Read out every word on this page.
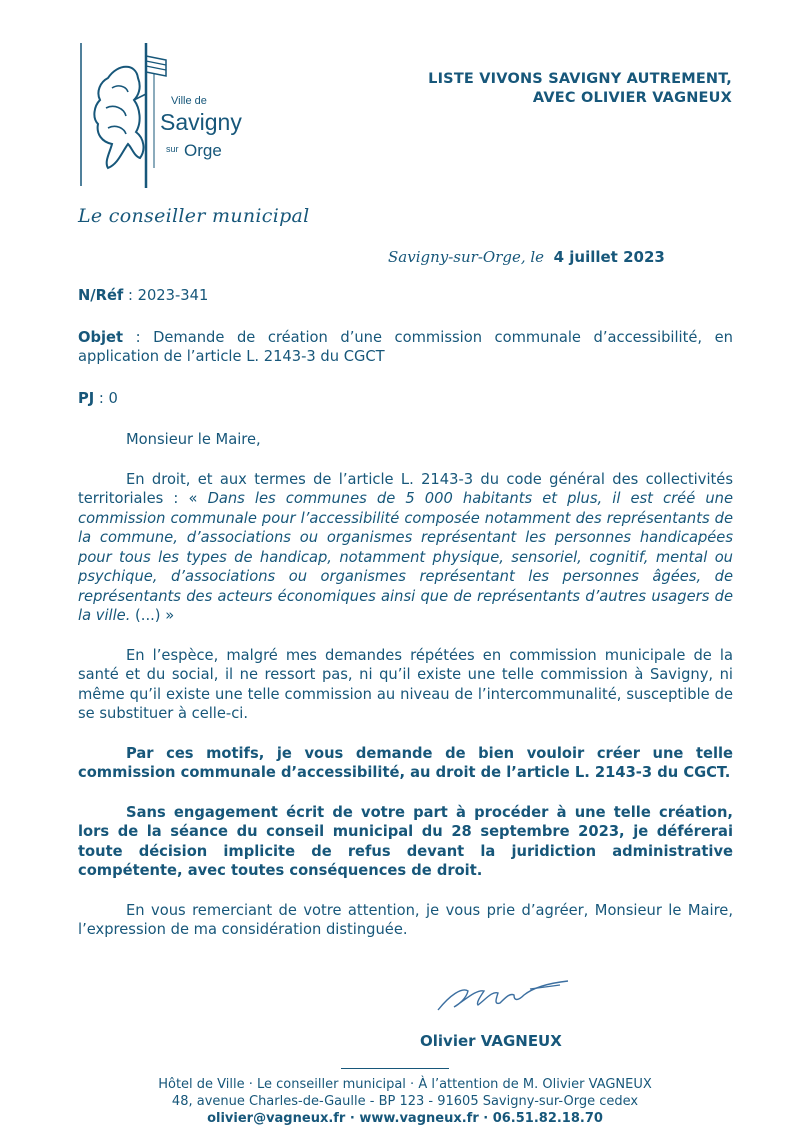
Ville de
Savigny
sur Orge
LISTE VIVONS SAVIGNY AUTREMENT,
AVEC OLIVIER VAGNEUX
Le conseiller municipal
Savigny-sur-Orge, le 4 juillet 2023

N/Réf : 2023-341

Objet : Demande de création d’une commission communale d’accessibilité, en application de l’article L. 2143-3 du CGCT

PJ : 0

Monsieur le Maire,

En droit, et aux termes de l’article L. 2143-3 du code général des collectivités territoriales : « Dans les communes de 5 000 habitants et plus, il est créé une commission communale pour l’accessibilité composée notamment des représentants de la commune, d’associations ou organismes représentant les personnes handicapées pour tous les types de handicap, notamment physique, sensoriel, cognitif, mental ou psychique, d’associations ou organismes représentant les personnes âgées, de représentants des acteurs économiques ainsi que de représentants d’autres usagers de la ville. (...) »

En l’espèce, malgré mes demandes répétées en commission municipale de la santé et du social, il ne ressort pas, ni qu’il existe une telle commission à Savigny, ni même qu’il existe une telle commission au niveau de l’intercommunalité, susceptible de se substituer à celle-ci.

Par ces motifs, je vous demande de bien vouloir créer une telle commission communale d’accessibilité, au droit de l’article L. 2143-3 du CGCT.

Sans engagement écrit de votre part à procéder à une telle création, lors de la séance du conseil municipal du 28 septembre 2023, je déférerai toute décision implicite de refus devant la juridiction administrative compétente, avec toutes conséquences de droit.

En vous remerciant de votre attention, je vous prie d’agréer, Monsieur le Maire, l’expression de ma considération distinguée.

Olivier VAGNEUX
Hôtel de Ville · Le conseiller municipal · À l’attention de M. Olivier VAGNEUX
48, avenue Charles-de-Gaulle - BP 123 - 91605 Savigny-sur-Orge cedex
olivier@vagneux.fr · www.vagneux.fr · 06.51.82.18.70
